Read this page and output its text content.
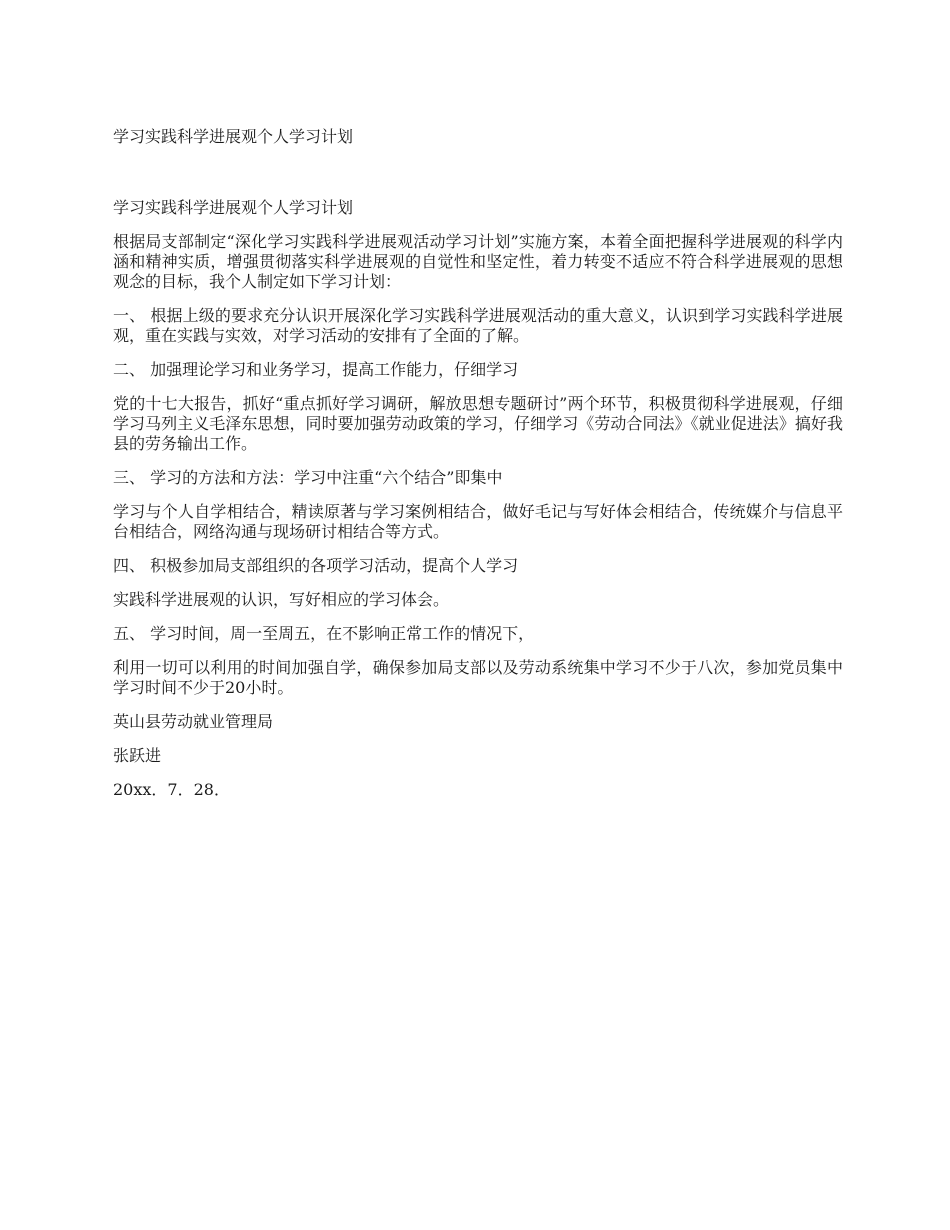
学习实践科学进展观个人学习计划

学习实践科学进展观个人学习计划

根据局支部制定“深化学习实践科学进展观活动学习计划”实施方案，本着全面把握科学进展观的科学内涵和精神实质，增强贯彻落实科学进展观的自觉性和坚定性，着力转变不适应不符合科学进展观的思想观念的目标，我个人制定如下学习计划：

一、 根据上级的要求充分认识开展深化学习实践科学进展观活动的重大意义，认识到学习实践科学进展观，重在实践与实效，对学习活动的安排有了全面的了解。

二、 加强理论学习和业务学习，提高工作能力，仔细学习

党的十七大报告，抓好“重点抓好学习调研，解放思想专题研讨”两个环节，积极贯彻科学进展观，仔细学习马列主义毛泽东思想，同时要加强劳动政策的学习，仔细学习《劳动合同法》《就业促进法》搞好我县的劳务输出工作。

三、 学习的方法和方法：学习中注重“六个结合”即集中

学习与个人自学相结合，精读原著与学习案例相结合，做好毛记与写好体会相结合，传统媒介与信息平台相结合，网络沟通与现场研讨相结合等方式。

四、 积极参加局支部组织的各项学习活动，提高个人学习

实践科学进展观的认识，写好相应的学习体会。

五、 学习时间，周一至周五，在不影响正常工作的情况下，

利用一切可以利用的时间加强自学，确保参加局支部以及劳动系统集中学习不少于八次，参加党员集中学习时间不少于20小时。

英山县劳动就业管理局

张跃进

20xx．7．28．
